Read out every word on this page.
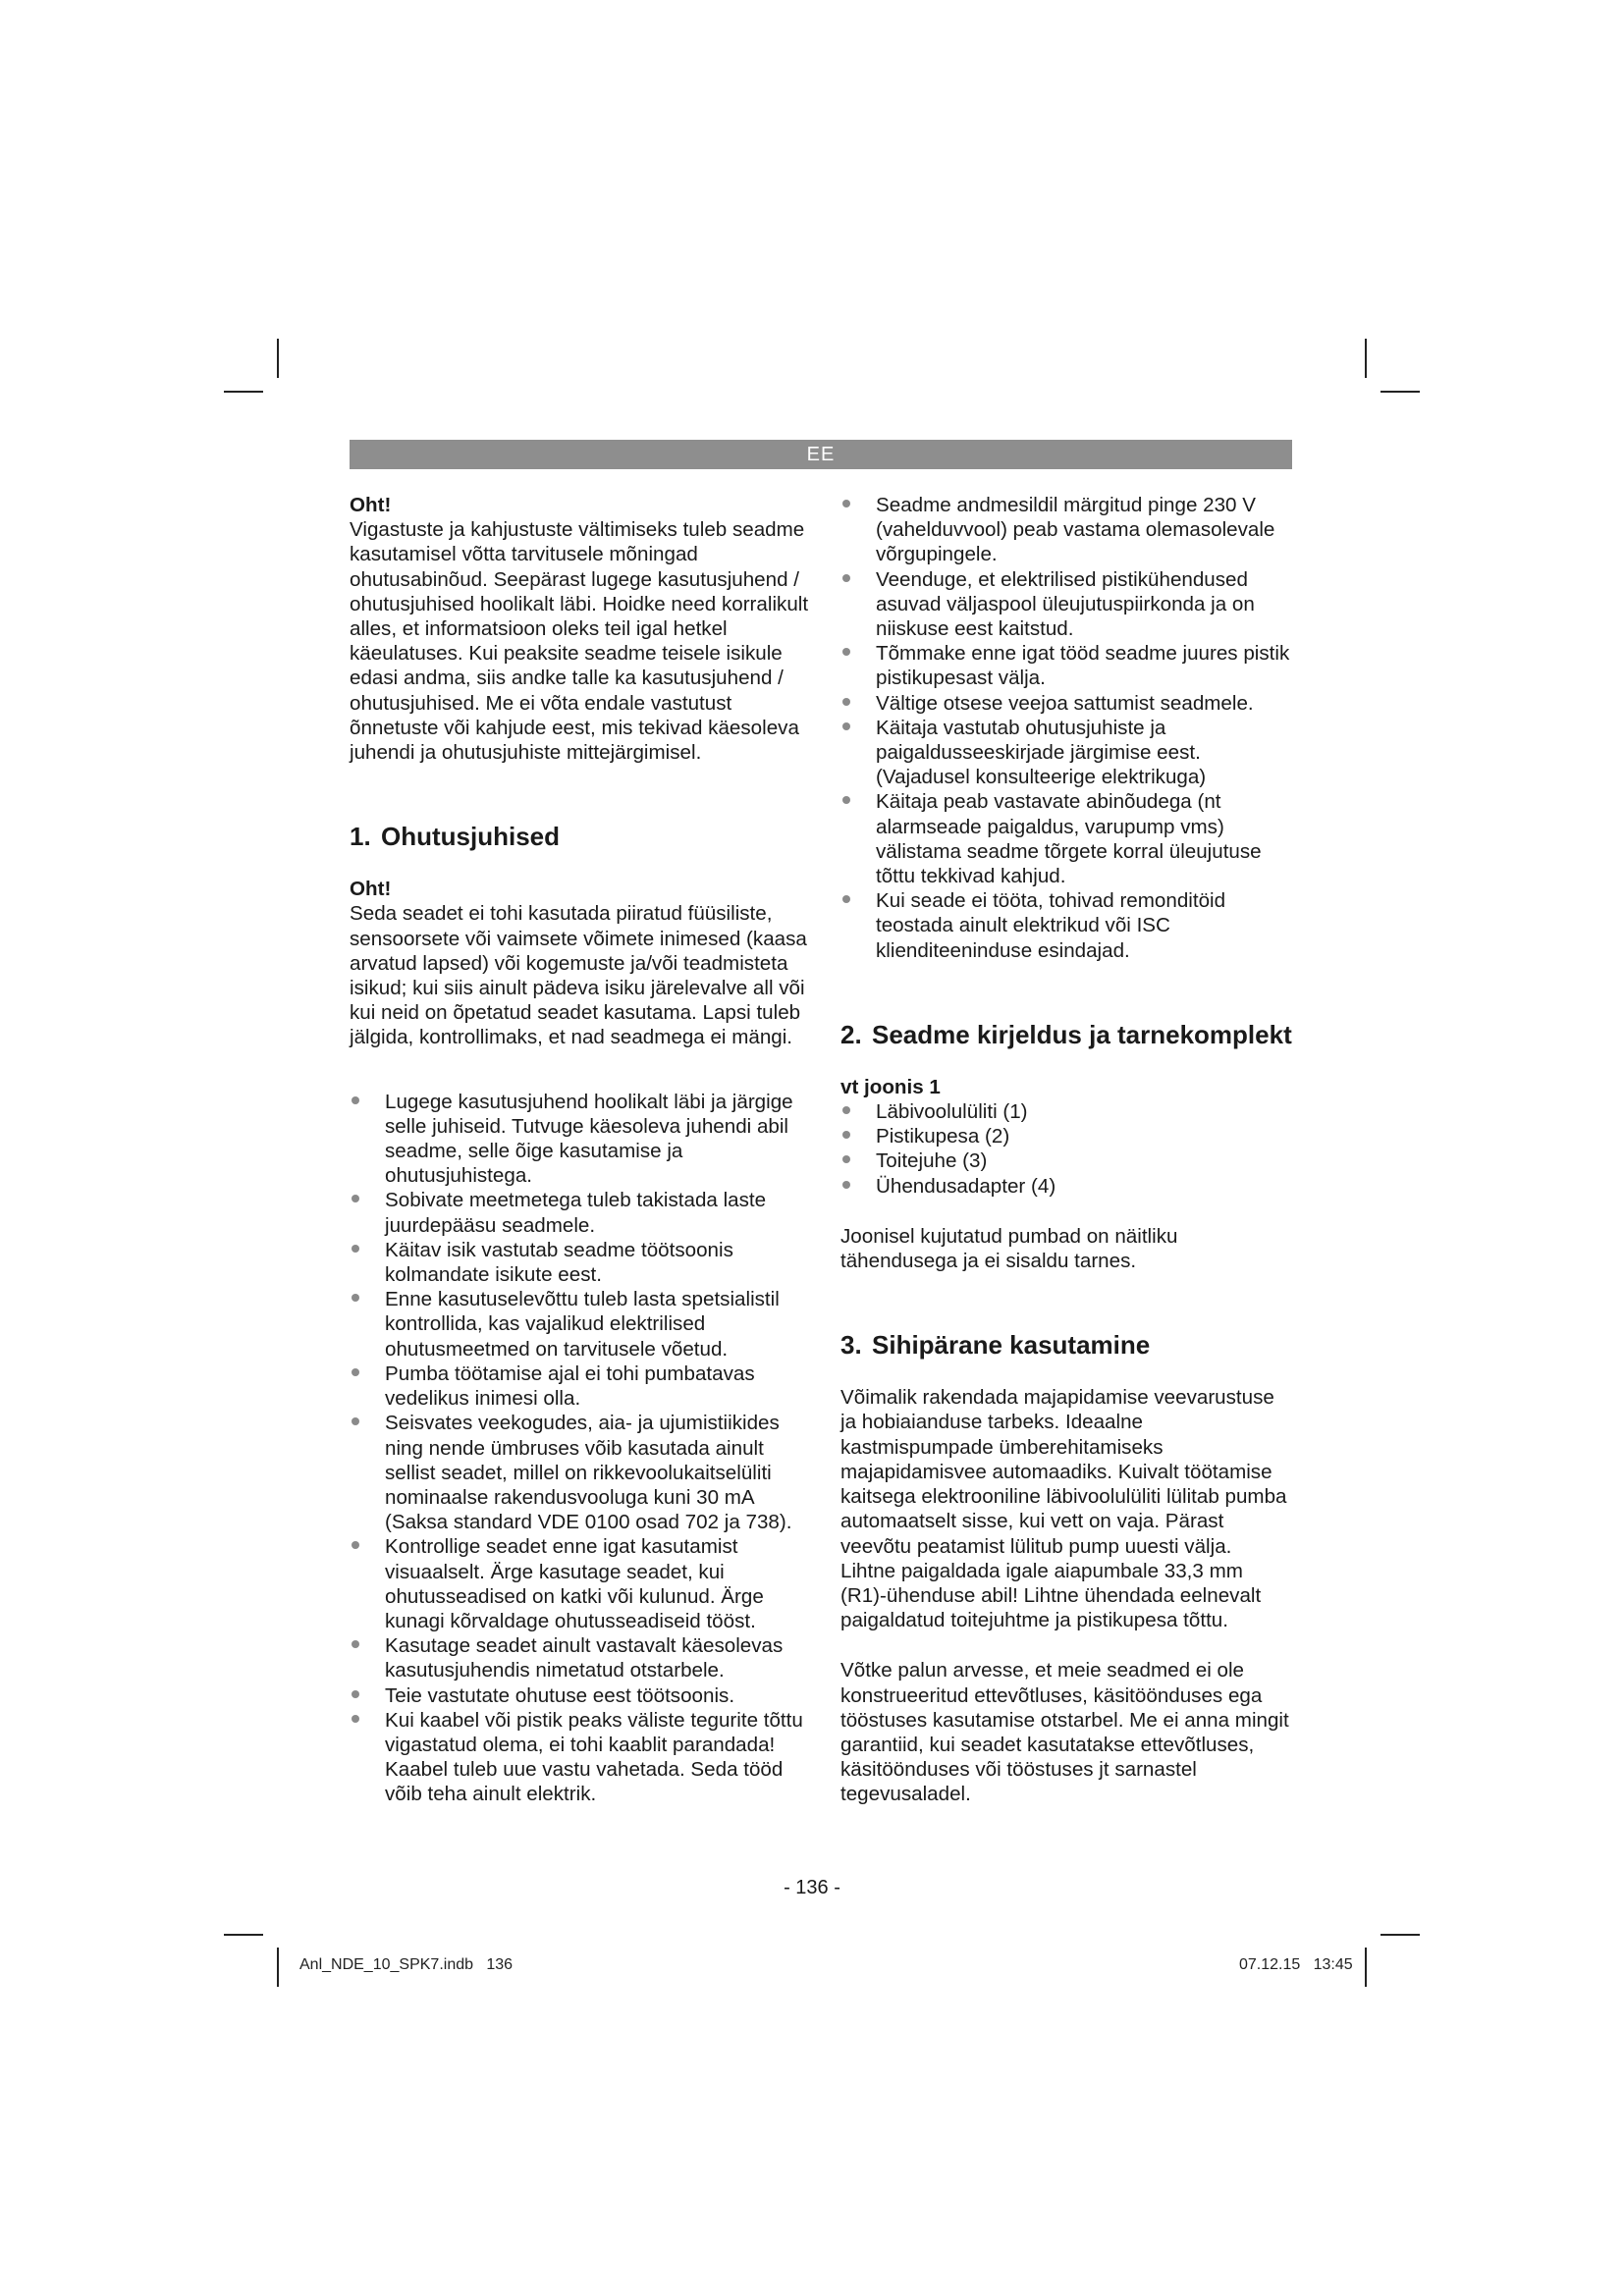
EE

Oht!

Vigastuste ja kahjustuste vältimiseks tuleb seadme kasutamisel võtta tarvitusele mõningad ohutusabinõud. Seepärast lugege kasutusjuhend / ohutusjuhised hoolikalt läbi. Hoidke need korralikult alles, et informatsioon oleks teil igal hetkel käeulatuses. Kui peaksite seadme teisele isikule edasi andma, siis andke talle ka kasutusjuhend / ohutusjuhised. Me ei võta endale vastutust õnnetuste või kahjude eest, mis tekivad käesoleva juhendi ja ohutusjuhiste mittejärgimisel.

1. Ohutusjuhised

Oht!

Seda seadet ei tohi kasutada piiratud füüsiliste, sensoorsete või vaimsete võimete inimesed (kaasa arvatud lapsed) või kogemuste ja/või teadmisteta isikud; kui siis ainult pädeva isiku järelevalve all või kui neid on õpetatud seadet kasutama. Lapsi tuleb jälgida, kontrollimaks, et nad seadmega ei mängi.

Lugege kasutusjuhend hoolikalt läbi ja järgige selle juhiseid. Tutvuge käesoleva juhendi abil seadme, selle õige kasutamise ja ohutusjuhistega.
Sobivate meetmetega tuleb takistada laste juurdepääsu seadmele.
Käitav isik vastutab seadme töötsoonis kolmandate isikute eest.
Enne kasutuselevõttu tuleb lasta spetsialistil kontrollida, kas vajalikud elektrilised ohutusmeetmed on tarvitusele võetud.
Pumba töötamise ajal ei tohi pumbatavas vedelikus inimesi olla.
Seisvates veekogudes, aia- ja ujumistiikides ning nende ümbruses võib kasutada ainult sellist seadet, millel on rikkevoolukaitselüliti nominaalse rakendusvooluga kuni 30 mA (Saksa standard VDE 0100 osad 702 ja 738).
Kontrollige seadet enne igat kasutamist visuaalselt. Ärge kasutage seadet, kui ohutusseadised on katki või kulunud. Ärge kunagi kõrvaldage ohutusseadiseid tööst.
Kasutage seadet ainult vastavalt käesolevas kasutusjuhendis nimetatud otstarbele.
Teie vastutate ohutuse eest töötsoonis.
Kui kaabel või pistik peaks väliste tegurite tõttu vigastatud olema, ei tohi kaablit parandada! Kaabel tuleb uue vastu vahetada. Seda tööd võib teha ainult elektrik.
Seadme andmesildil märgitud pinge 230 V (vahelduvvool) peab vastama olemasolevale võrgupingele.
Veenduge, et elektrilised pistikühendused asuvad väljaspool üleujutuspiirkonda ja on niiskuse eest kaitstud.
Tõmmake enne igat tööd seadme juures pistik pistikupesast välja.
Vältige otsese veejoa sattumist seadmele.
Käitaja vastutab ohutusjuhiste ja paigaldusseeskirjade järgimise eest. (Vajadusel konsulteerige elektrikuga)
Käitaja peab vastavate abinõudega (nt alarmseade paigaldus, varupump vms) välistama seadme tõrgete korral üleujutuse tõttu tekkivad kahjud.
Kui seade ei tööta, tohivad remonditöid teostada ainult elektrikud või ISC klienditeeninduse esindajad.

2. Seadme kirjeldus ja tarnekomplekt

vt joonis 1

Läbivoolulüliti (1)
Pistikupesa (2)
Toitejuhe (3)
Ühendusadapter (4)

Joonisel kujutatud pumbad on näitliku tähendusega ja ei sisaldu tarnes.

3. Sihipärane kasutamine

Võimalik rakendada majapidamise veevarustuse ja hobiaianduse tarbeks. Ideaalne kastmispumpade ümberehitamiseks majapidamisvee automaadiks. Kuivalt töötamise kaitsega elektrooniline läbivoolulüliti lülitab pumba automaatselt sisse, kui vett on vaja. Pärast veevõtu peatamist lülitub pump uuesti välja.

Lihtne paigaldada igale aiapumbale 33,3 mm (R1)-ühenduse abil! Lihtne ühendada eelnevalt paigaldatud toitejuhtme ja pistikupesa tõttu.

Võtke palun arvesse, et meie seadmed ei ole konstrueeritud ettevõtluses, käsitöönduses ega tööstuses kasutamise otstarbel. Me ei anna mingit garantiid, kui seadet kasutatakse ettevõtluses, käsitöönduses või tööstuses jt sarnastel tegevusaladel.

- 136 -
Anl_NDE_10_SPK7.indb   136	07.12.15   13:45
